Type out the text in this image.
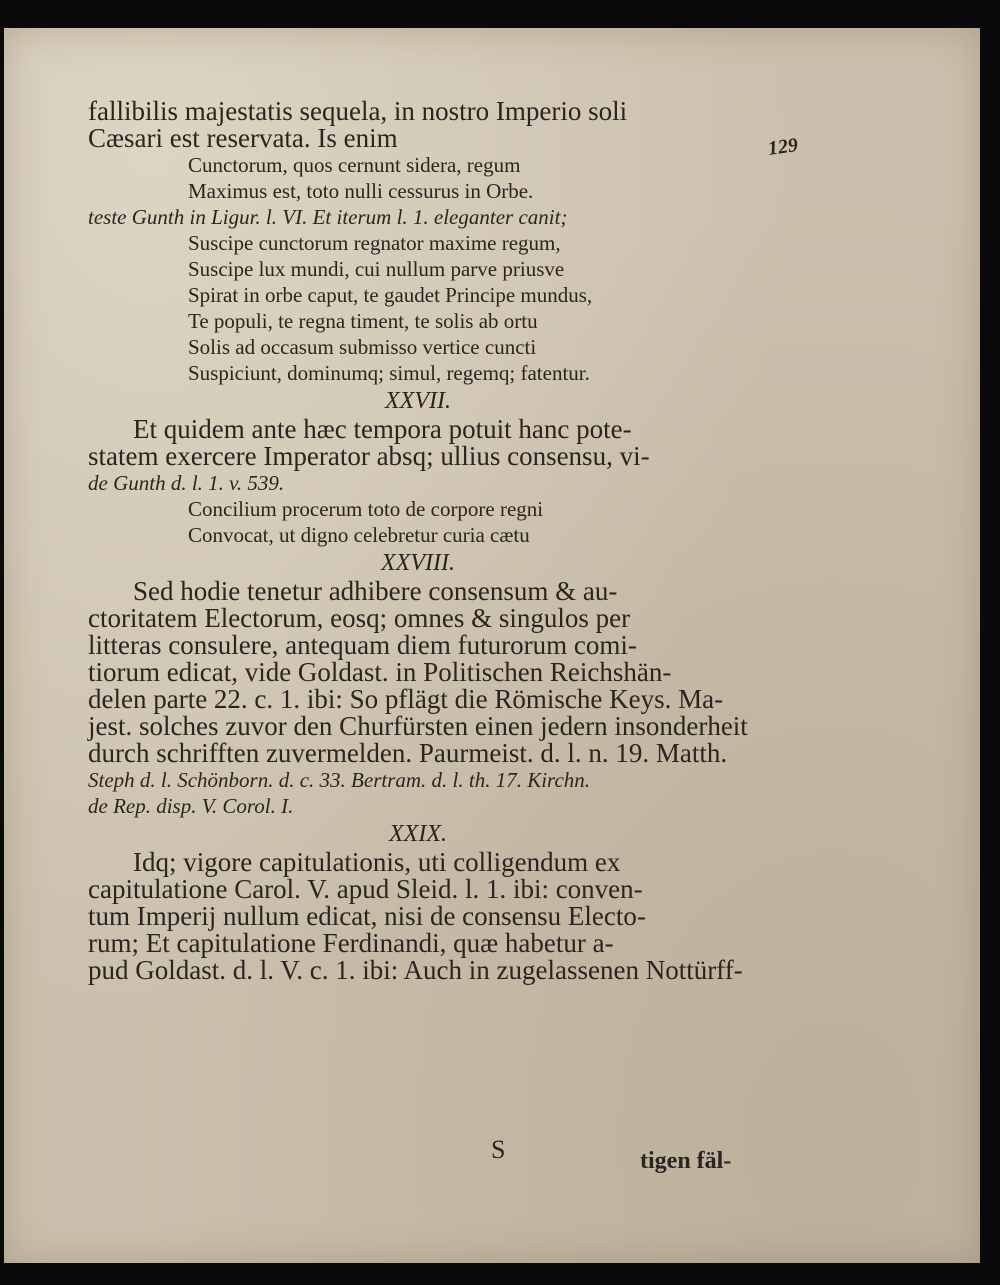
129
fallibilis majestatis sequela, in nostro Imperio soli
Cæsari est reservata. Is enim
Cunctorum, quos cernunt sidera, regum
Maximus est, toto nulli cessurus in Orbe.
teste Gunth in Ligur. l. VI. Et iterum l. 1. eleganter canit;
Suscipe cunctorum regnator maxime regum,
Suscipe lux mundi, cui nullum parve priusve
Spirat in orbe caput, te gaudet Principe mundus,
Te populi, te regna timent, te solis ab ortu
Solis ad occasum submisso vertice cuncti
Suspiciunt, dominumq; simul, regemq; fatentur.
XXVII.
Et quidem ante hæc tempora potuit hanc pote-
statem exercere Imperator absq; ullius consensu, vi-
de Gunth d. l. 1. v. 539.
Concilium procerum toto de corpore regni
Convocat, ut digno celebretur curia cætu
XXVIII.
Sed hodie tenetur adhibere consensum & au-
ctoritatem Electorum, eosq; omnes & singulos per
litteras consulere, antequam diem futurorum comi-
tiorum edicat, vide Goldast. in Politischen Reichshän-
delen parte 22. c. 1. ibi: So pflägt die Römische Keys. Ma-
jest. solches zuvor den Churfürsten einen jedern insonderheit
durch schrifften zuvermelden. Paurmeist. d. l. n. 19. Matth.
Steph d. l. Schönborn. d. c. 33. Bertram. d. l. th. 17. Kirchn.
de Rep. disp. V. Corol. I.
XXIX.
Idq; vigore capitulationis, uti colligendum ex
capitulatione Carol. V. apud Sleid. l. 1. ibi: conven-
tum Imperij nullum edicat, nisi de consensu Electo-
rum; Et capitulatione Ferdinandi, quæ habetur a-
pud Goldast. d. l. V. c. 1. ibi: Auch in zugelassenen Nottürff-
S	tigen fäl-
